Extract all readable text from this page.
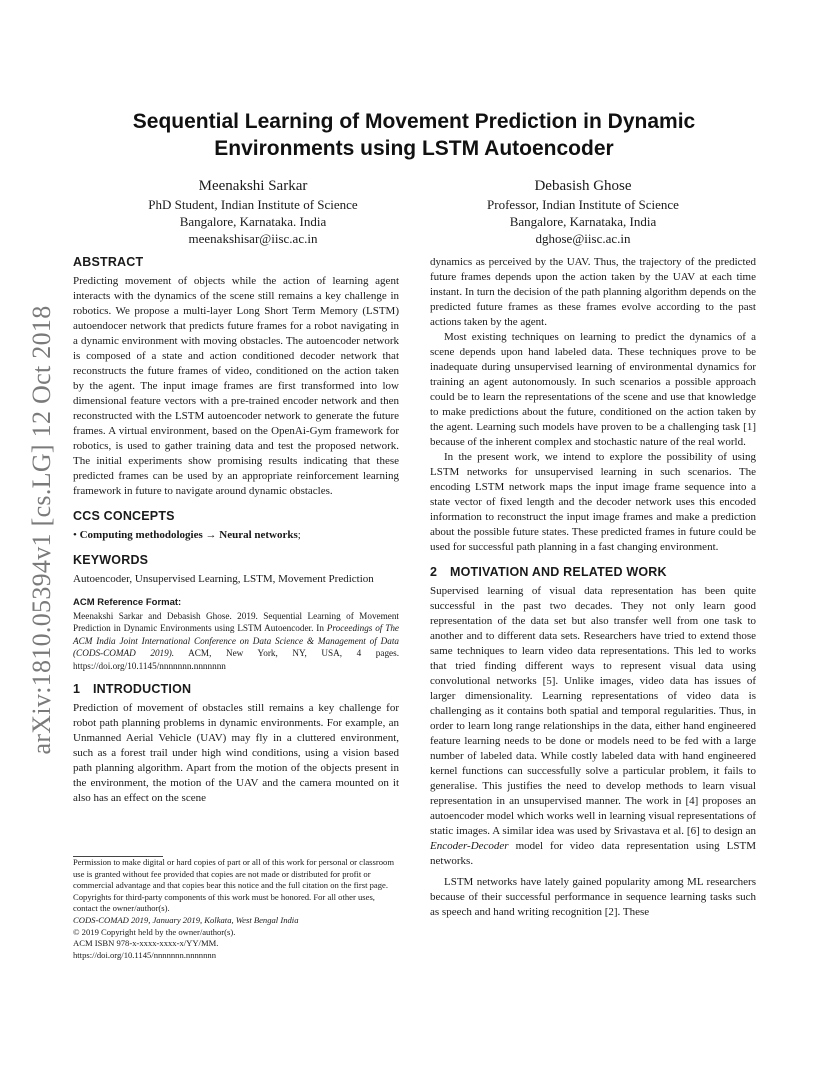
arXiv:1810.05394v1 [cs.LG] 12 Oct 2018
Sequential Learning of Movement Prediction in Dynamic Environments using LSTM Autoencoder
Meenakshi Sarkar
PhD Student, Indian Institute of Science
Bangalore, Karnataka. India
meenakshisar@iisc.ac.in
Debasish Ghose
Professor, Indian Institute of Science
Bangalore, Karnataka, India
dghose@iisc.ac.in
ABSTRACT

Predicting movement of objects while the action of learning agent interacts with the dynamics of the scene still remains a key challenge in robotics. We propose a multi-layer Long Short Term Memory (LSTM) autoendocer network that predicts future frames for a robot navigating in a dynamic environment with moving obstacles. The autoencoder network is composed of a state and action conditioned decoder network that reconstructs the future frames of video, conditioned on the action taken by the agent. The input image frames are first transformed into low dimensional feature vectors with a pre-trained encoder network and then reconstructed with the LSTM autoencoder network to generate the future frames. A virtual environment, based on the OpenAi-Gym framework for robotics, is used to gather training data and test the proposed network. The initial experiments show promising results indicating that these predicted frames can be used by an appropriate reinforcement learning framework in future to navigate around dynamic obstacles.

CCS CONCEPTS

• Computing methodologies → Neural networks;

KEYWORDS

Autoencoder, Unsupervised Learning, LSTM, Movement Prediction

ACM Reference Format:

Meenakshi Sarkar and Debasish Ghose. 2019. Sequential Learning of Movement Prediction in Dynamic Environments using LSTM Autoencoder. In Proceedings of The ACM India Joint International Conference on Data Science & Management of Data (CODS-COMAD 2019). ACM, New York, NY, USA, 4 pages. https://doi.org/10.1145/nnnnnnn.nnnnnnn

1 INTRODUCTION

Prediction of movement of obstacles still remains a key challenge for robot path planning problems in dynamic environments. For example, an Unmanned Aerial Vehicle (UAV) may fly in a cluttered environment, such as a forest trail under high wind conditions, using a vision based path planning algorithm. Apart from the motion of the objects present in the environment, the motion of the UAV and the camera mounted on it also has an effect on the scene

Permission to make digital or hard copies of part or all of this work for personal or classroom use is granted without fee provided that copies are not made or distributed for profit or commercial advantage and that copies bear this notice and the full citation on the first page. Copyrights for third-party components of this work must be honored. For all other uses, contact the owner/author(s).
CODS-COMAD 2019, January 2019, Kolkata, West Bengal India
© 2019 Copyright held by the owner/author(s).
ACM ISBN 978-x-xxxx-xxxx-x/YY/MM.
https://doi.org/10.1145/nnnnnnn.nnnnnnn

dynamics as perceived by the UAV. Thus, the trajectory of the predicted future frames depends upon the action taken by the UAV at each time instant. In turn the decision of the path planning algorithm depends on the predicted future frames as these frames evolve according to the past actions taken by the agent.

Most existing techniques on learning to predict the dynamics of a scene depends upon hand labeled data. These techniques prove to be inadequate during unsupervised learning of environmental dynamics for training an agent autonomously. In such scenarios a possible approach could be to learn the representations of the scene and use that knowledge to make predictions about the future, conditioned on the action taken by the agent. Learning such models have proven to be a challenging task [1] because of the inherent complex and stochastic nature of the real world.

In the present work, we intend to explore the possibility of using LSTM networks for unsupervised learning in such scenarios. The encoding LSTM network maps the input image frame sequence into a state vector of fixed length and the decoder network uses this encoded information to reconstruct the input image frames and make a prediction about the possible future states. These predicted frames in future could be used for successful path planning in a fast changing environment.

2 MOTIVATION AND RELATED WORK

Supervised learning of visual data representation has been quite successful in the past two decades. They not only learn good representation of the data set but also transfer well from one task to another and to different data sets. Researchers have tried to extend those same techniques to learn video data representations. This led to works that tried finding different ways to represent visual data using convolutional networks [5]. Unlike images, video data has issues of larger dimensionality. Learning representations of video data is challenging as it contains both spatial and temporal regularities. Thus, in order to learn long range relationships in the data, either hand engineered feature learning needs to be done or models need to be fed with a large number of labeled data. While costly labeled data with hand engineered kernel functions can successfully solve a particular problem, it fails to generalise. This justifies the need to develop methods to learn visual representation in an unsupervised manner. The work in [4] proposes an autoencoder model which works well in learning visual representations of static images. A similar idea was used by Srivastava et al. [6] to design an Encoder-Decoder model for video data representation using LSTM networks.

LSTM networks have lately gained popularity among ML researchers because of their successful performance in sequence learning tasks such as speech and hand writing recognition [2]. These
